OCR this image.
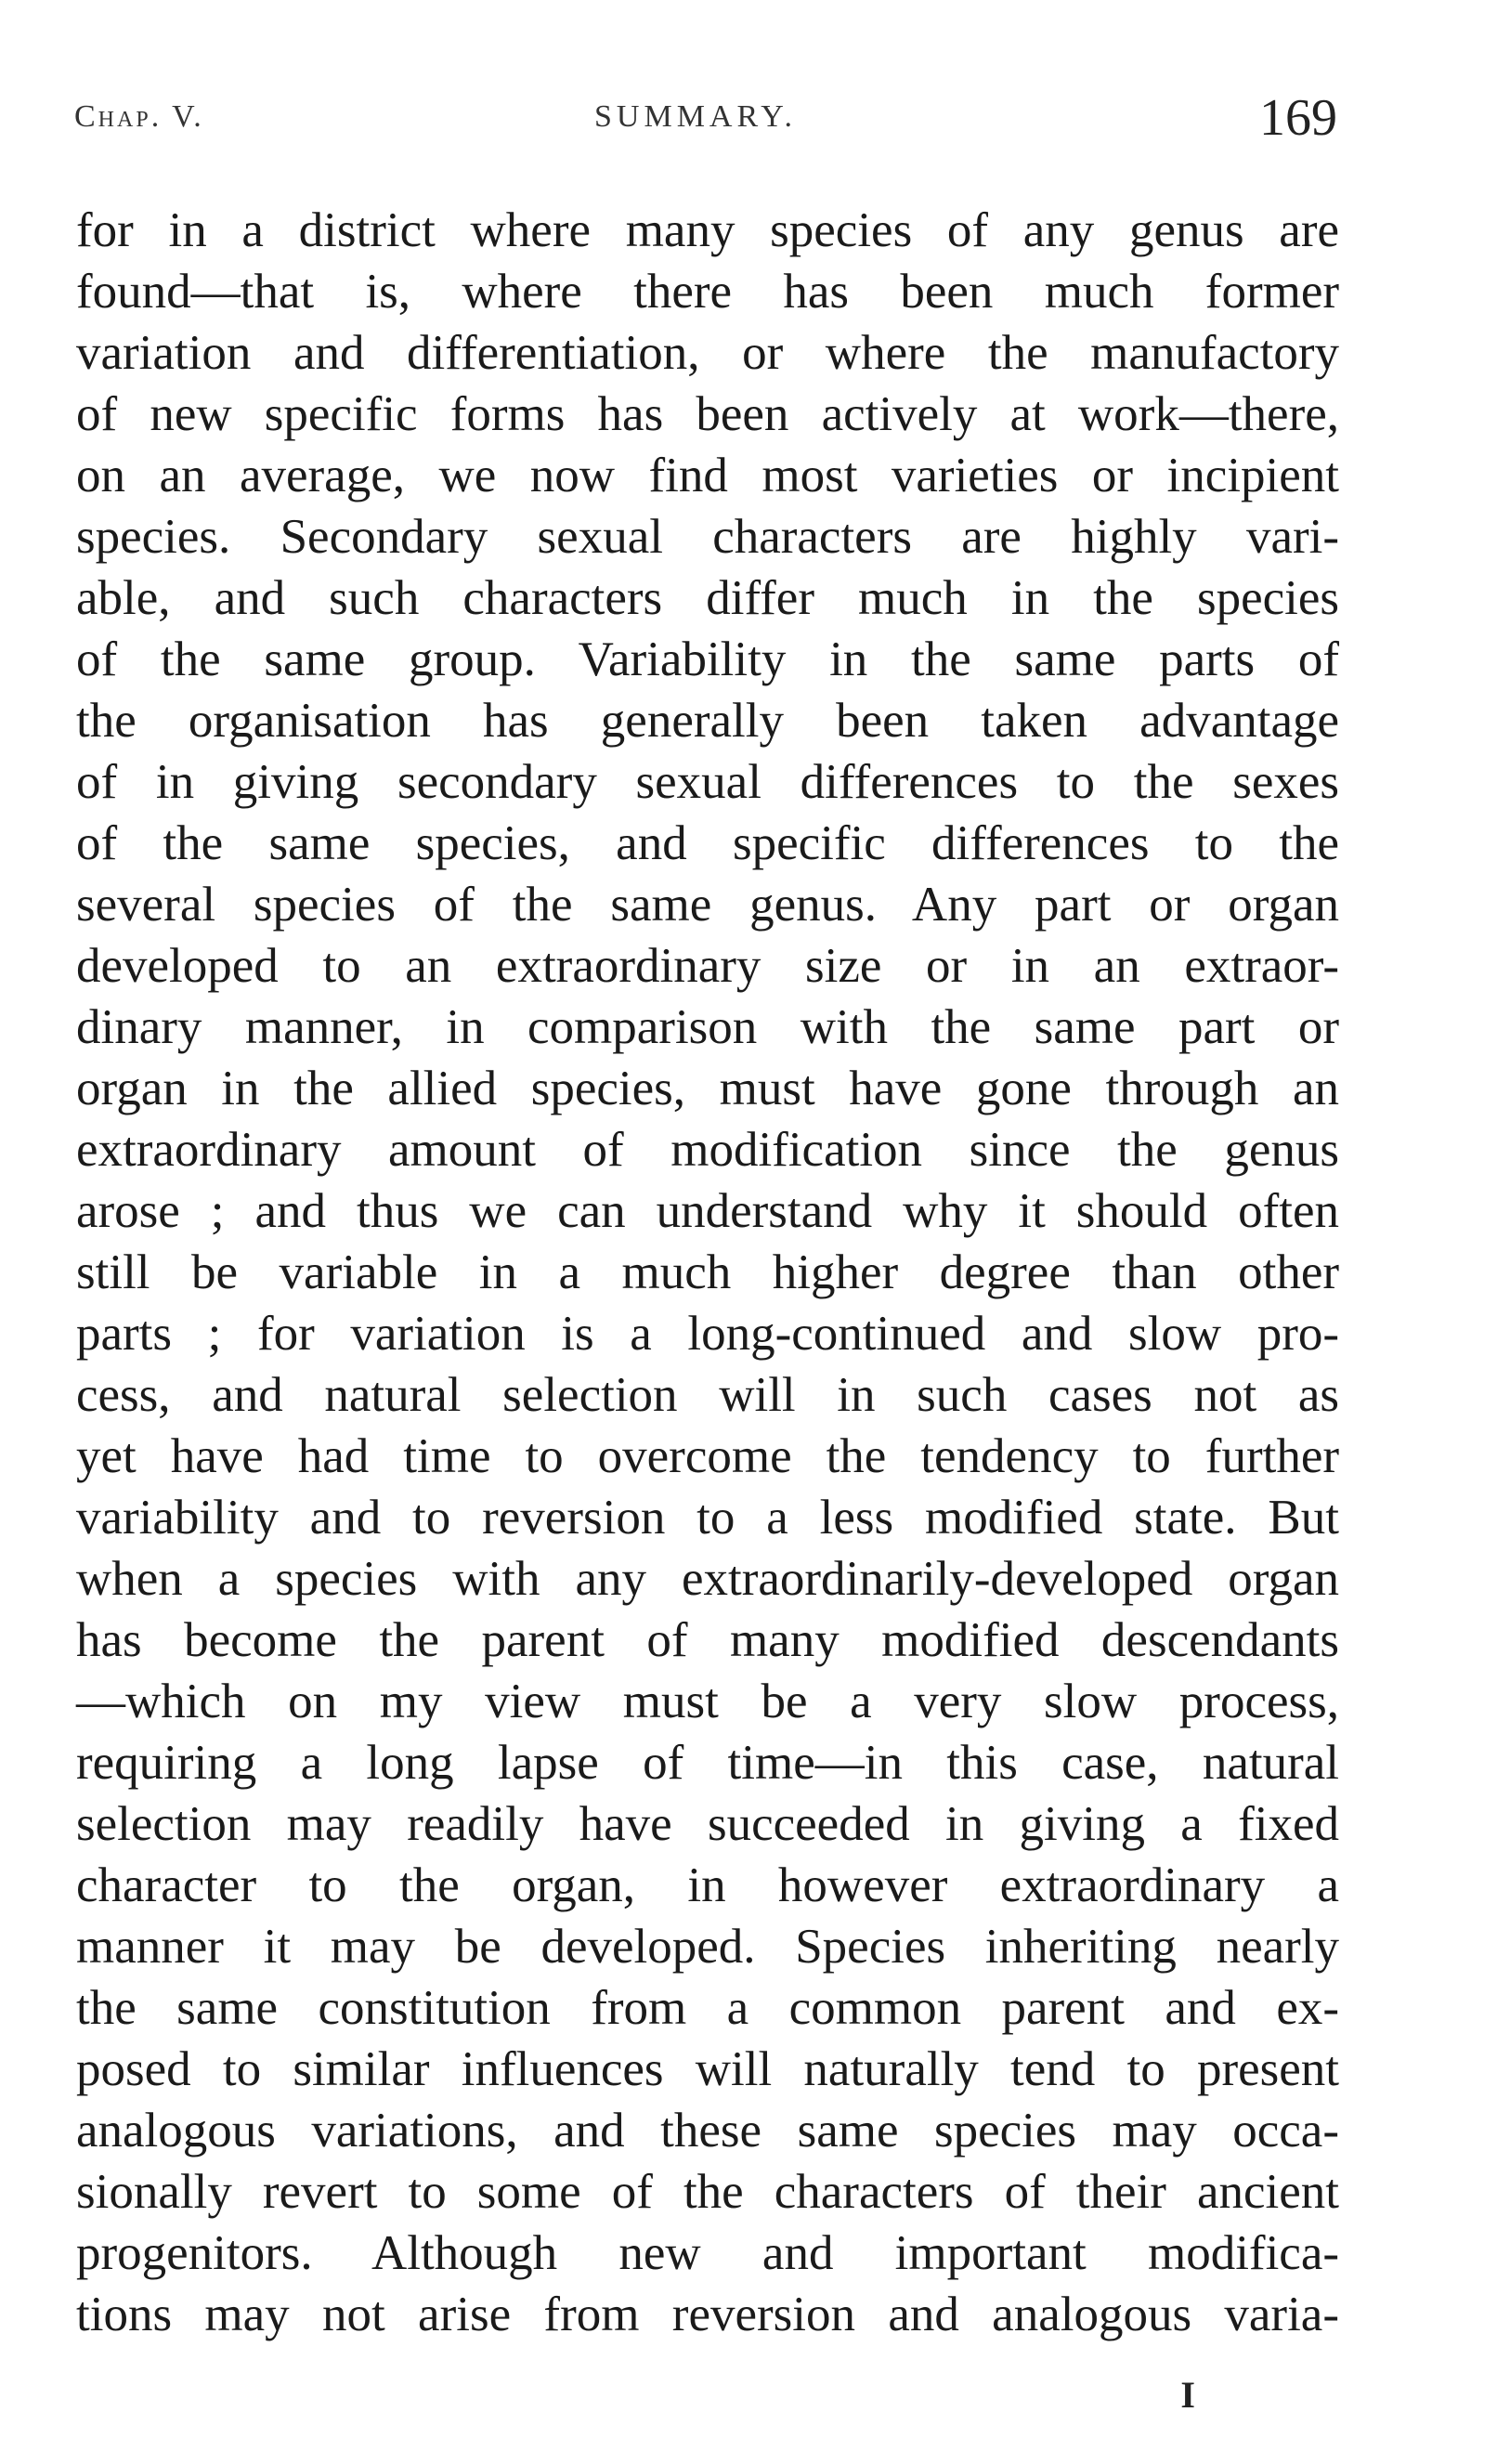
Chap. V.	SUMMARY.	169
for in a district where many species of any genus are
found—that is, where there has been much former
variation and differentiation, or where the manufactory
of new specific forms has been actively at work—there,
on an average, we now find most varieties or incipient
species. Secondary sexual characters are highly vari-
able, and such characters differ much in the species
of the same group. Variability in the same parts of
the organisation has generally been taken advantage
of in giving secondary sexual differences to the sexes
of the same species, and specific differences to the
several species of the same genus. Any part or organ
developed to an extraordinary size or in an extraor-
dinary manner, in comparison with the same part or
organ in the allied species, must have gone through an
extraordinary amount of modification since the genus
arose ; and thus we can understand why it should often
still be variable in a much higher degree than other
parts ; for variation is a long-continued and slow pro-
cess, and natural selection will in such cases not as
yet have had time to overcome the tendency to further
variability and to reversion to a less modified state. But
when a species with any extraordinarily-developed organ
has become the parent of many modified descendants
—which on my view must be a very slow process,
requiring a long lapse of time—in this case, natural
selection may readily have succeeded in giving a fixed
character to the organ, in however extraordinary a
manner it may be developed. Species inheriting nearly
the same constitution from a common parent and ex-
posed to similar influences will naturally tend to present
analogous variations, and these same species may occa-
sionally revert to some of the characters of their ancient
progenitors. Although new and important modifica-
tions may not arise from reversion and analogous varia-
I
